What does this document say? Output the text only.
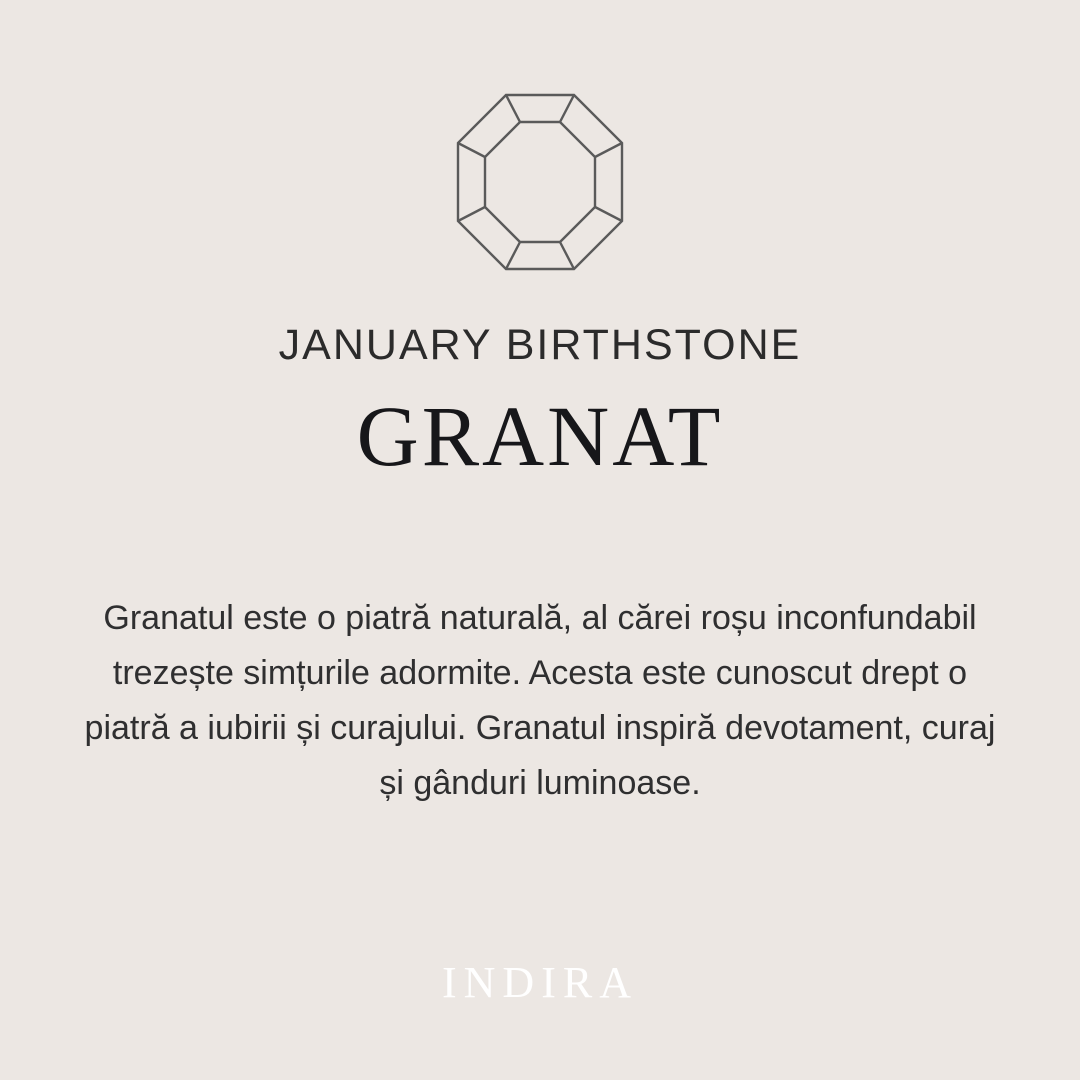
JANUARY BIRTHSTONE
GRANAT
Granatul este o piatră naturală, al cărei roșu inconfundabil trezește simțurile adormite. Acesta este cunoscut drept o piatră a iubirii și curajului. Granatul inspiră devotament, curaj și gânduri luminoase.
INDIRA
